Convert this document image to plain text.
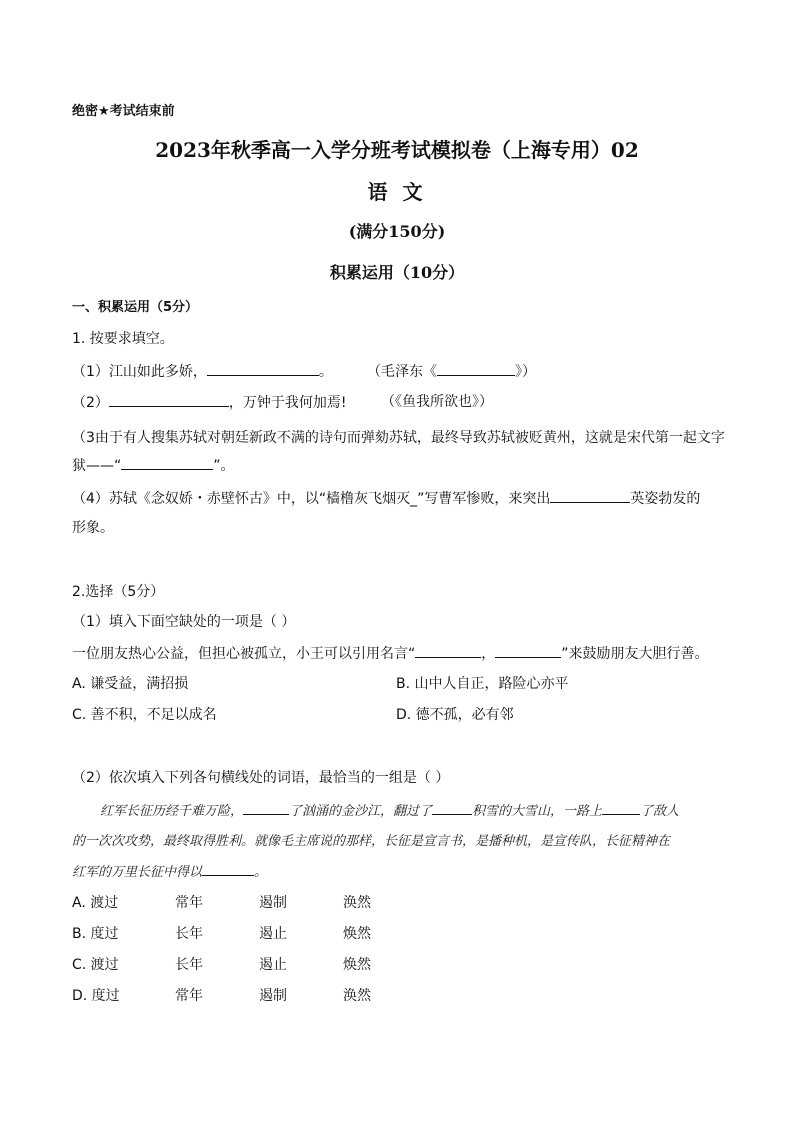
绝密★考试结束前
2023年秋季高一入学分班考试模拟卷（上海专用）02
语 文
(满分150分)
积累运用（10分）
一、积累运用（5分）
1. 按要求填空。
（1）江山如此多娇，	。 （毛泽东《	》）
（2）	，万钟于我何加焉! （《鱼我所欲也》）
（3由于有人搜集苏轼对朝廷新政不满的诗句而弹劾苏轼，最终导致苏轼被贬黄州，这就是宋代第一起文字
狱——“	”。
（4）苏轼《念奴娇・赤壁怀古》中，以“樯橹灰飞烟灭_”写曹军惨败，来突出	英姿勃发的
形象。
2.选择（5分）
（1）填入下面空缺处的一项是（ ）
一位朋友热心公益，但担心被孤立，小王可以引用名言“	，	”来鼓励朋友大胆行善。
A. 谦受益，满招损	B. 山中人自正，路险心亦平
C. 善不积，不足以成名	D. 德不孤，必有邻
（2）依次填入下列各句横线处的词语，最恰当的一组是（ ）
红军长征历经千难万险，	了汹涌的金沙江，翻过了	积雪的大雪山，一路上	了敌人
的一次次攻势，最终取得胜利。就像毛主席说的那样，长征是宣言书，是播种机，是宣传队，长征精神在
红军的万里长征中得以	。
A. 渡过	常年	遏制	涣然
B. 度过	长年	遏止	焕然
C. 渡过	长年	遏止	焕然
D. 度过	常年	遏制	涣然
